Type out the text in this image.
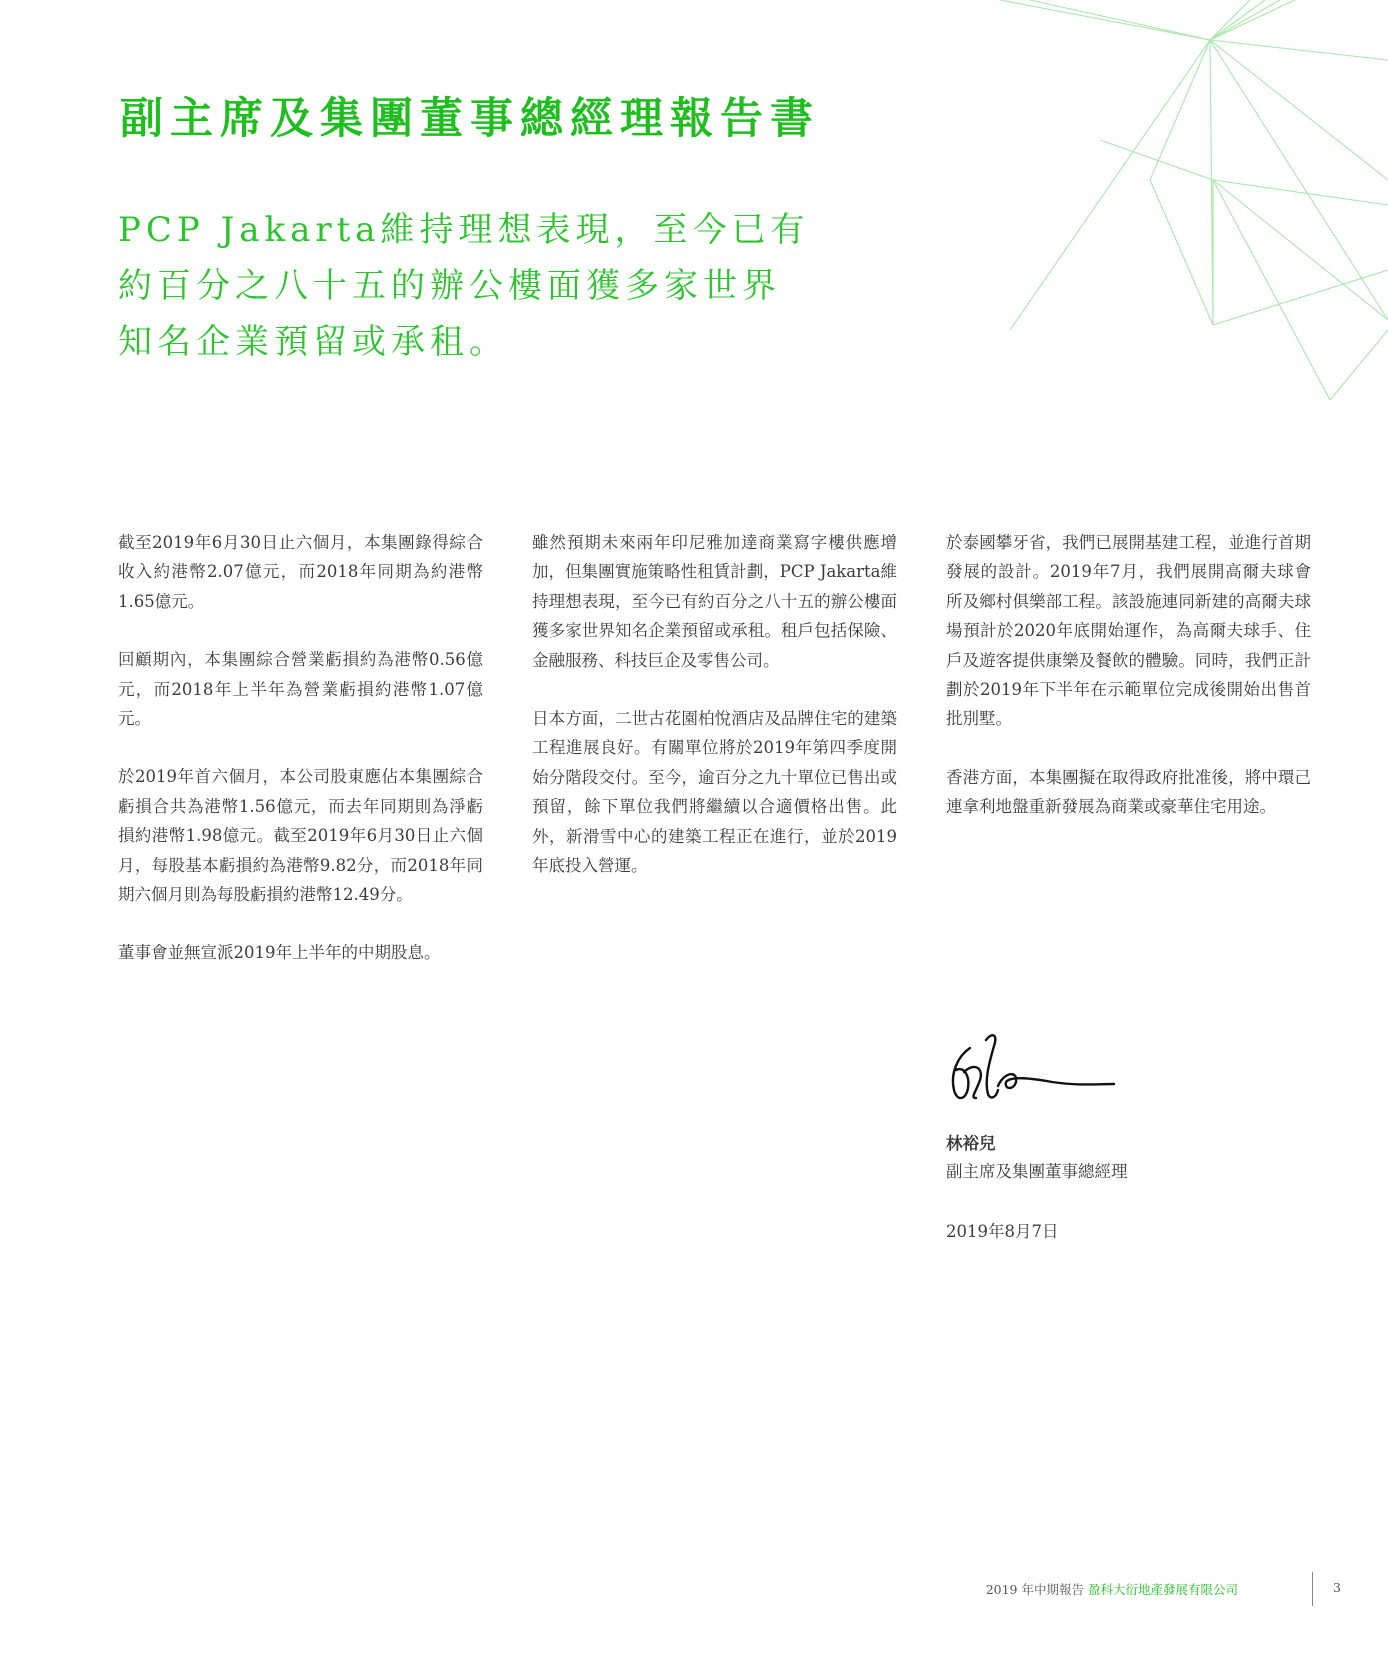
副主席及集團董事總經理報告書
PCP Jakarta維持理想表現，至今已有
約百分之八十五的辦公樓面獲多家世界
知名企業預留或承租。

截至2019年6月30日止六個月，本集團錄得綜合收入約港幣2.07億元，而2018年同期為約港幣1.65億元。

回顧期內，本集團綜合營業虧損約為港幣0.56億元，而2018年上半年為營業虧損約港幣1.07億元。

於2019年首六個月，本公司股東應佔本集團綜合虧損合共為港幣1.56億元，而去年同期則為淨虧損約港幣1.98億元。截至2019年6月30日止六個月，每股基本虧損約為港幣9.82分，而2018年同期六個月則為每股虧損約港幣12.49分。

董事會並無宣派2019年上半年的中期股息。

雖然預期未來兩年印尼雅加達商業寫字樓供應增加，但集團實施策略性租賃計劃，PCP Jakarta維持理想表現，至今已有約百分之八十五的辦公樓面獲多家世界知名企業預留或承租。租戶包括保險、金融服務、科技巨企及零售公司。

日本方面，二世古花園柏悅酒店及品牌住宅的建築工程進展良好。有關單位將於2019年第四季度開始分階段交付。至今，逾百分之九十單位已售出或預留，餘下單位我們將繼續以合適價格出售。此外，新滑雪中心的建築工程正在進行，並於2019年底投入營運。

於泰國攀牙省，我們已展開基建工程，並進行首期發展的設計。2019年7月，我們展開高爾夫球會所及鄉村俱樂部工程。該設施連同新建的高爾夫球場預計於2020年底開始運作，為高爾夫球手、住戶及遊客提供康樂及餐飲的體驗。同時，我們正計劃於2019年下半年在示範單位完成後開始出售首批別墅。

香港方面，本集團擬在取得政府批准後，將中環己連拿利地盤重新發展為商業或豪華住宅用途。

林裕兒
副主席及集團董事總經理
2019年8月7日
2019 年中期報告 盈科大衍地產發展有限公司	3
